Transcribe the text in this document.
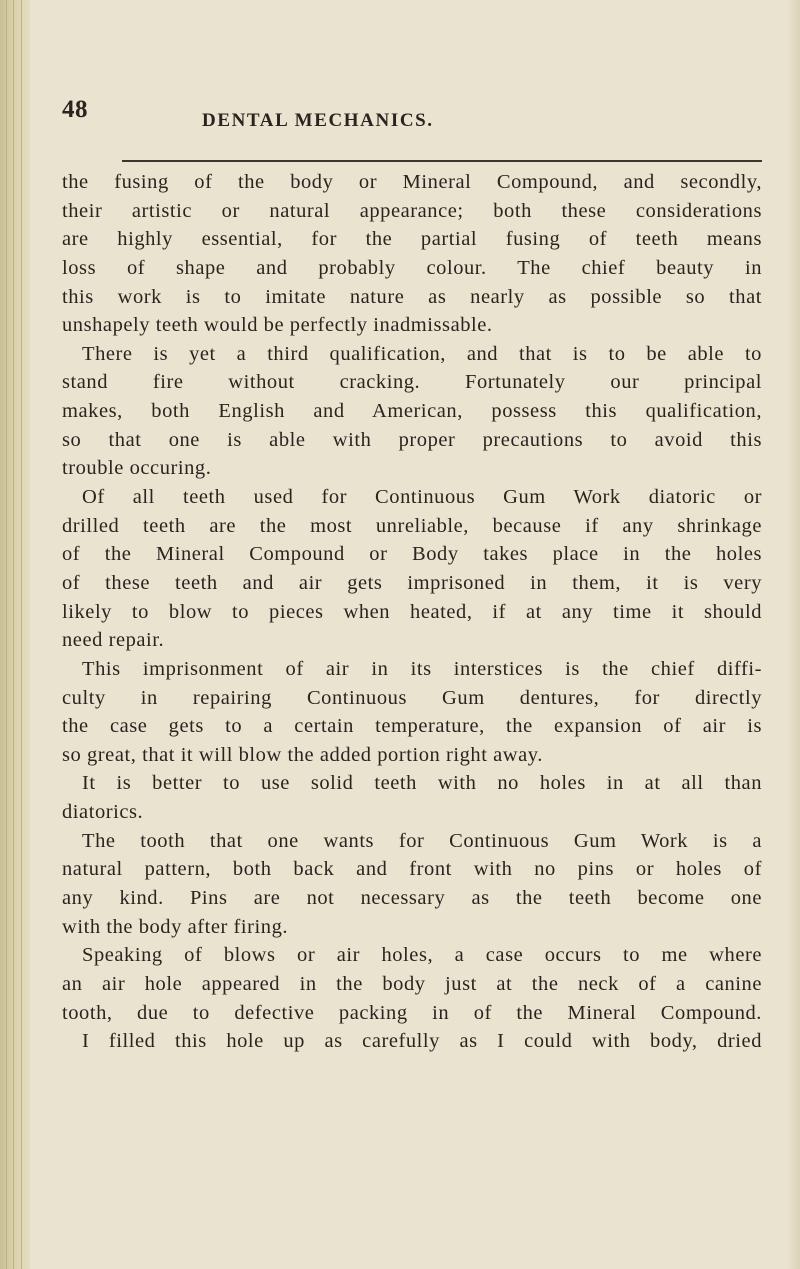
48	DENTAL MECHANICS.
the fusing of the body or Mineral Compound, and secondly,
their artistic or natural appearance; both these considerations
are highly essential, for the partial fusing of teeth means
loss of shape and probably colour. The chief beauty in
this work is to imitate nature as nearly as possible so that
unshapely teeth would be perfectly inadmissable.
There is yet a third qualification, and that is to be able to
stand fire without cracking. Fortunately our principal
makes, both English and American, possess this qualification,
so that one is able with proper precautions to avoid this
trouble occuring.
Of all teeth used for Continuous Gum Work diatoric or
drilled teeth are the most unreliable, because if any shrinkage
of the Mineral Compound or Body takes place in the holes
of these teeth and air gets imprisoned in them, it is very
likely to blow to pieces when heated, if at any time it should
need repair.
This imprisonment of air in its interstices is the chief diffi-
culty in repairing Continuous Gum dentures, for directly
the case gets to a certain temperature, the expansion of air is
so great, that it will blow the added portion right away.
It is better to use solid teeth with no holes in at all than
diatorics.
The tooth that one wants for Continuous Gum Work is a
natural pattern, both back and front with no pins or holes of
any kind. Pins are not necessary as the teeth become one
with the body after firing.
Speaking of blows or air holes, a case occurs to me where
an air hole appeared in the body just at the neck of a canine
tooth, due to defective packing in of the Mineral Compound.
I filled this hole up as carefully as I could with body, dried
